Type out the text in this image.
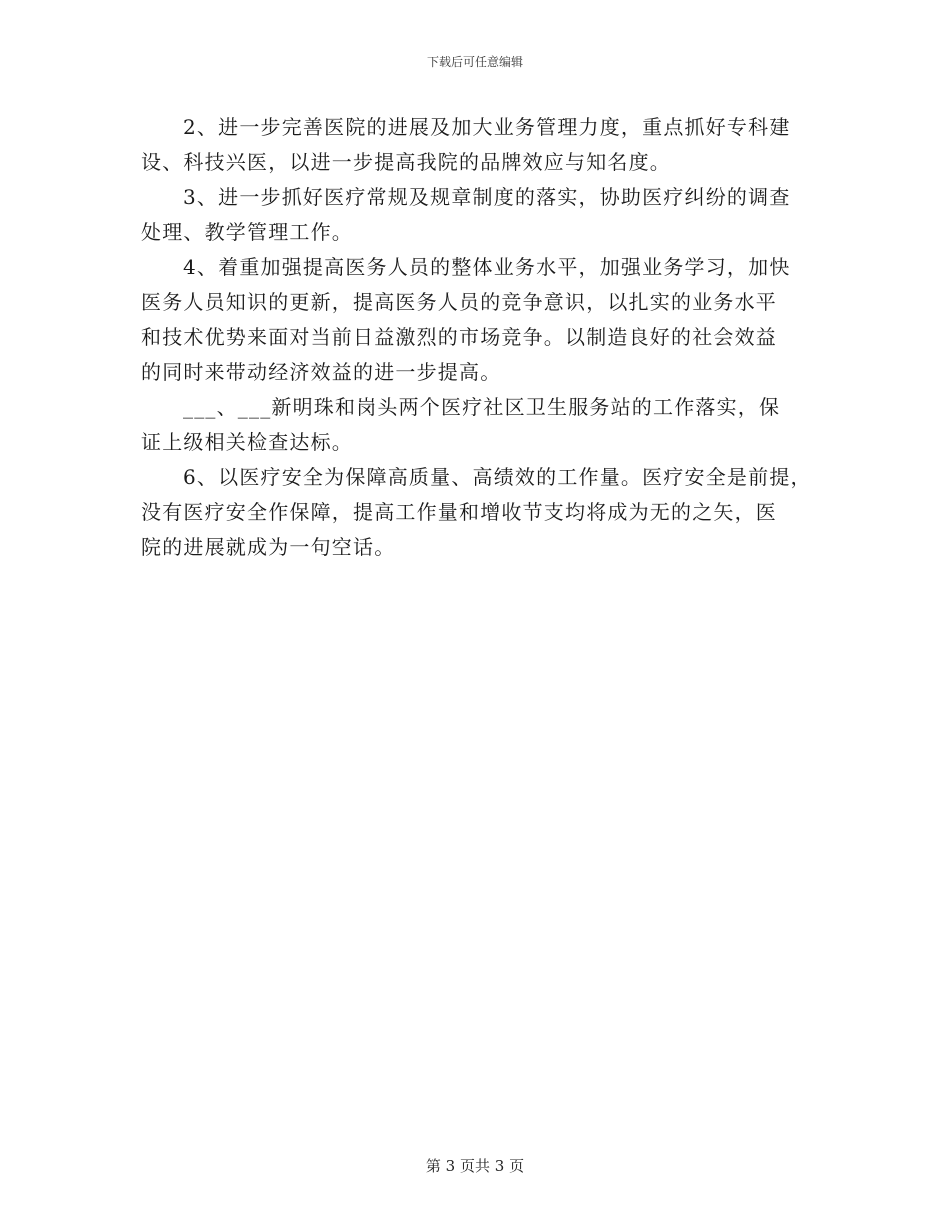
下载后可任意编辑
2、进一步完善医院的进展及加大业务管理力度，重点抓好专科建
设、科技兴医，以进一步提高我院的品牌效应与知名度。
3、进一步抓好医疗常规及规章制度的落实，协助医疗纠纷的调查
处理、教学管理工作。
4、着重加强提高医务人员的整体业务水平，加强业务学习，加快
医务人员知识的更新，提高医务人员的竞争意识，以扎实的业务水平
和技术优势来面对当前日益激烈的市场竞争。以制造良好的社会效益
的同时来带动经济效益的进一步提高。
___、___新明珠和岗头两个医疗社区卫生服务站的工作落实，保
证上级相关检查达标。
6、以医疗安全为保障高质量、高绩效的工作量。医疗安全是前提，
没有医疗安全作保障，提高工作量和增收节支均将成为无的之矢，医
院的进展就成为一句空话。
第 3 页共 3 页
